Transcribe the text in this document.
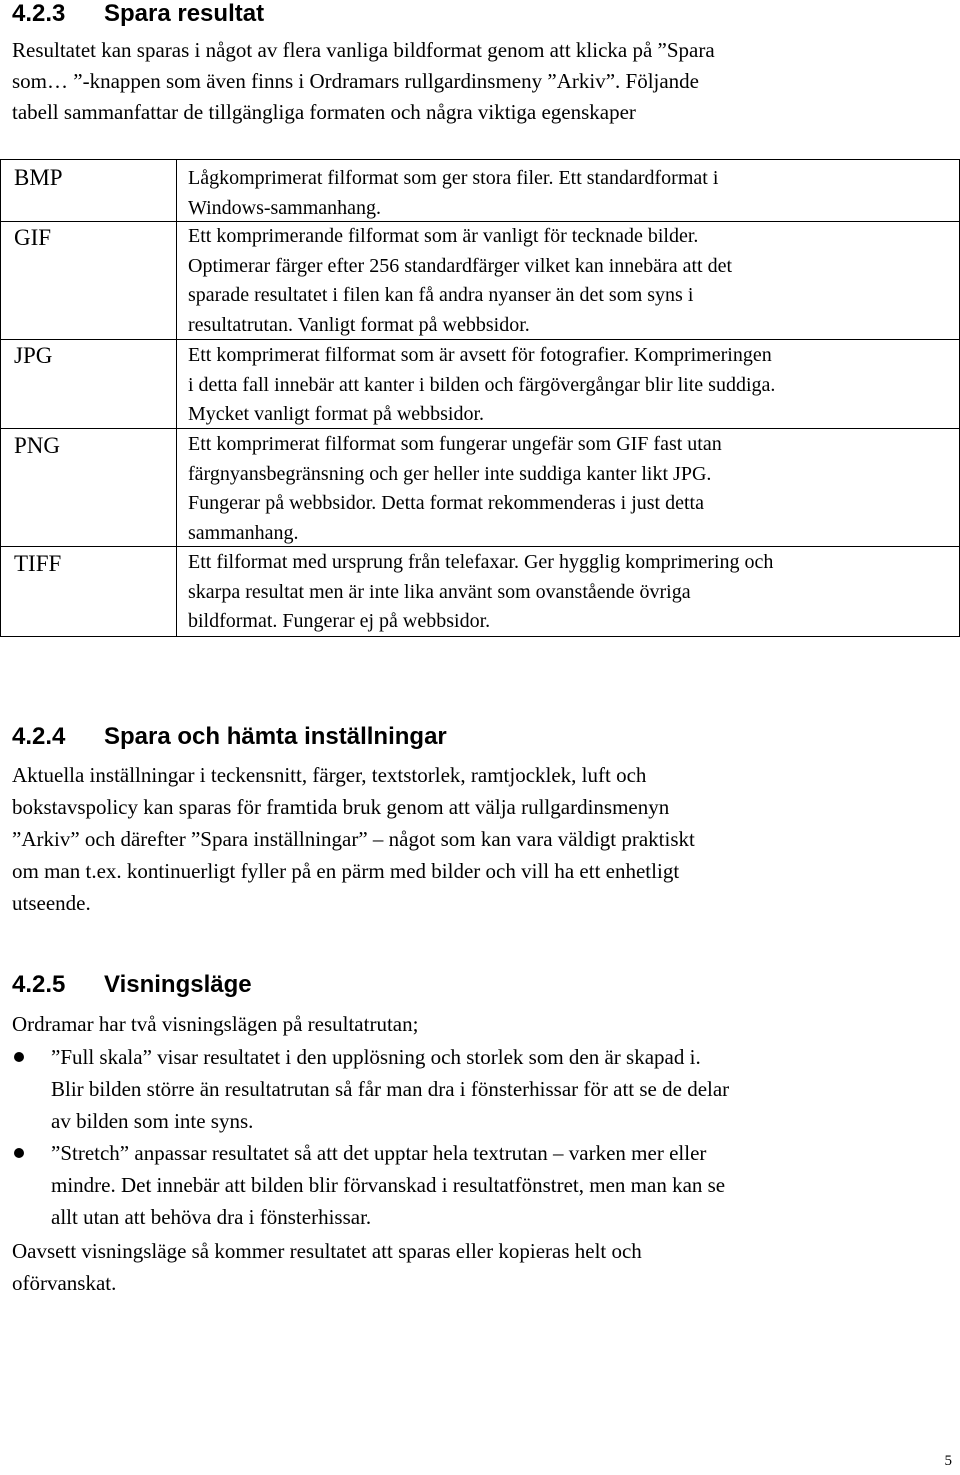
4.2.3 Spara resultat

Resultatet kan sparas i något av flera vanliga bildformat genom att klicka på ”Spara
som… ”-knappen som även finns i Ordramars rullgardinsmeny ”Arkiv”. Följande
tabell sammanfattar de tillgängliga formaten och några viktiga egenskaper

BMP	Lågkomprimerat filformat som ger stora filer. Ett standardformat i
Windows-sammanhang.
GIF	Ett komprimerande filformat som är vanligt för tecknade bilder.
Optimerar färger efter 256 standardfärger vilket kan innebära att det
sparade resultatet i filen kan få andra nyanser än det som syns i
resultatrutan. Vanligt format på webbsidor.
JPG	Ett komprimerat filformat som är avsett för fotografier. Komprimeringen
i detta fall innebär att kanter i bilden och färgövergångar blir lite suddiga.
Mycket vanligt format på webbsidor.
PNG	Ett komprimerat filformat som fungerar ungefär som GIF fast utan
färgnyansbegränsning och ger heller inte suddiga kanter likt JPG.
Fungerar på webbsidor. Detta format rekommenderas i just detta
sammanhang.
TIFF	Ett filformat med ursprung från telefaxar. Ger hygglig komprimering och
skarpa resultat men är inte lika använt som ovanstående övriga
bildformat. Fungerar ej på webbsidor.
4.2.4 Spara och hämta inställningar

Aktuella inställningar i teckensnitt, färger, textstorlek, ramtjocklek, luft och
bokstavspolicy kan sparas för framtida bruk genom att välja rullgardinsmenyn
”Arkiv” och därefter ”Spara inställningar” – något som kan vara väldigt praktiskt
om man t.ex. kontinuerligt fyller på en pärm med bilder och vill ha ett enhetligt
utseende.

4.2.5 Visningsläge

Ordramar har två visningslägen på resultatrutan;

”Full skala” visar resultatet i den upplösning och storlek som den är skapad i.
Blir bilden större än resultatrutan så får man dra i fönsterhissar för att se de delar
av bilden som inte syns.
”Stretch” anpassar resultatet så att det upptar hela textrutan – varken mer eller
mindre. Det innebär att bilden blir förvanskad i resultatfönstret, men man kan se
allt utan att behöva dra i fönsterhissar.

Oavsett visningsläge så kommer resultatet att sparas eller kopieras helt och
oförvanskat.

5
